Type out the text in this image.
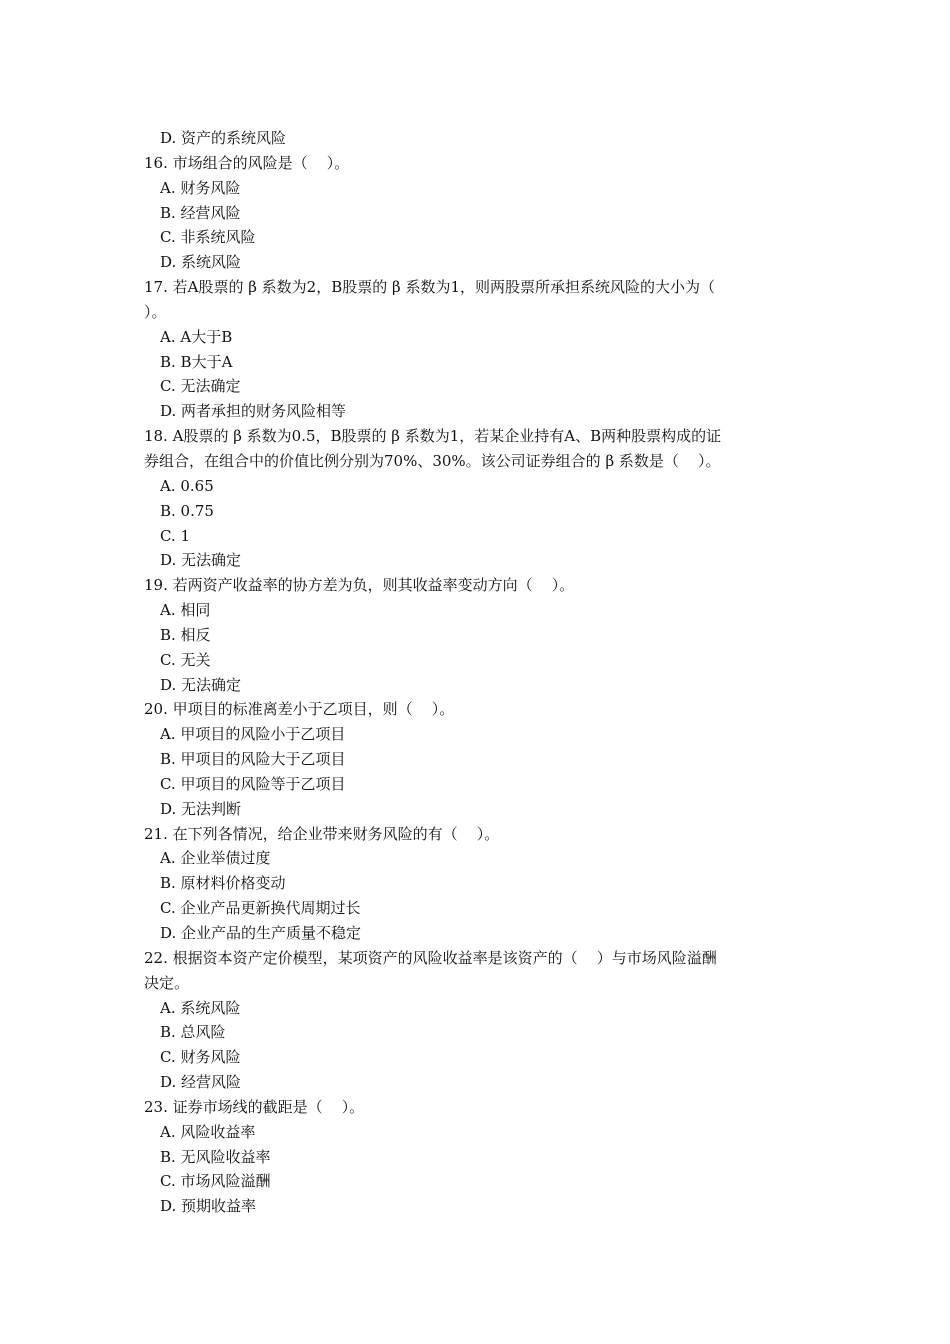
D. 资产的系统风险
16. 市场组合的风险是（    ）。
A. 财务风险
B. 经营风险
C. 非系统风险
D. 系统风险
17. 若A股票的 β 系数为2，B股票的 β 系数为1，则两股票所承担系统风险的大小为（
）。
A. A大于B
B. B大于A
C. 无法确定
D. 两者承担的财务风险相等
18. A股票的 β 系数为0.5，B股票的 β 系数为1，若某企业持有A、B两种股票构成的证
券组合，在组合中的价值比例分别为70%、30%。该公司证券组合的 β 系数是（    ）。
A. 0.65
B. 0.75
C. 1
D. 无法确定
19. 若两资产收益率的协方差为负，则其收益率变动方向（    ）。
A. 相同
B. 相反
C. 无关
D. 无法确定
20. 甲项目的标准离差小于乙项目，则（    ）。
A. 甲项目的风险小于乙项目
B. 甲项目的风险大于乙项目
C. 甲项目的风险等于乙项目
D. 无法判断
21. 在下列各情况，给企业带来财务风险的有（    ）。
A. 企业举债过度
B. 原材料价格变动
C. 企业产品更新换代周期过长
D. 企业产品的生产质量不稳定
22. 根据资本资产定价模型，某项资产的风险收益率是该资产的（    ）与市场风险溢酬
决定。
A. 系统风险
B. 总风险
C. 财务风险
D. 经营风险
23. 证券市场线的截距是（    ）。
A. 风险收益率
B. 无风险收益率
C. 市场风险溢酬
D. 预期收益率
